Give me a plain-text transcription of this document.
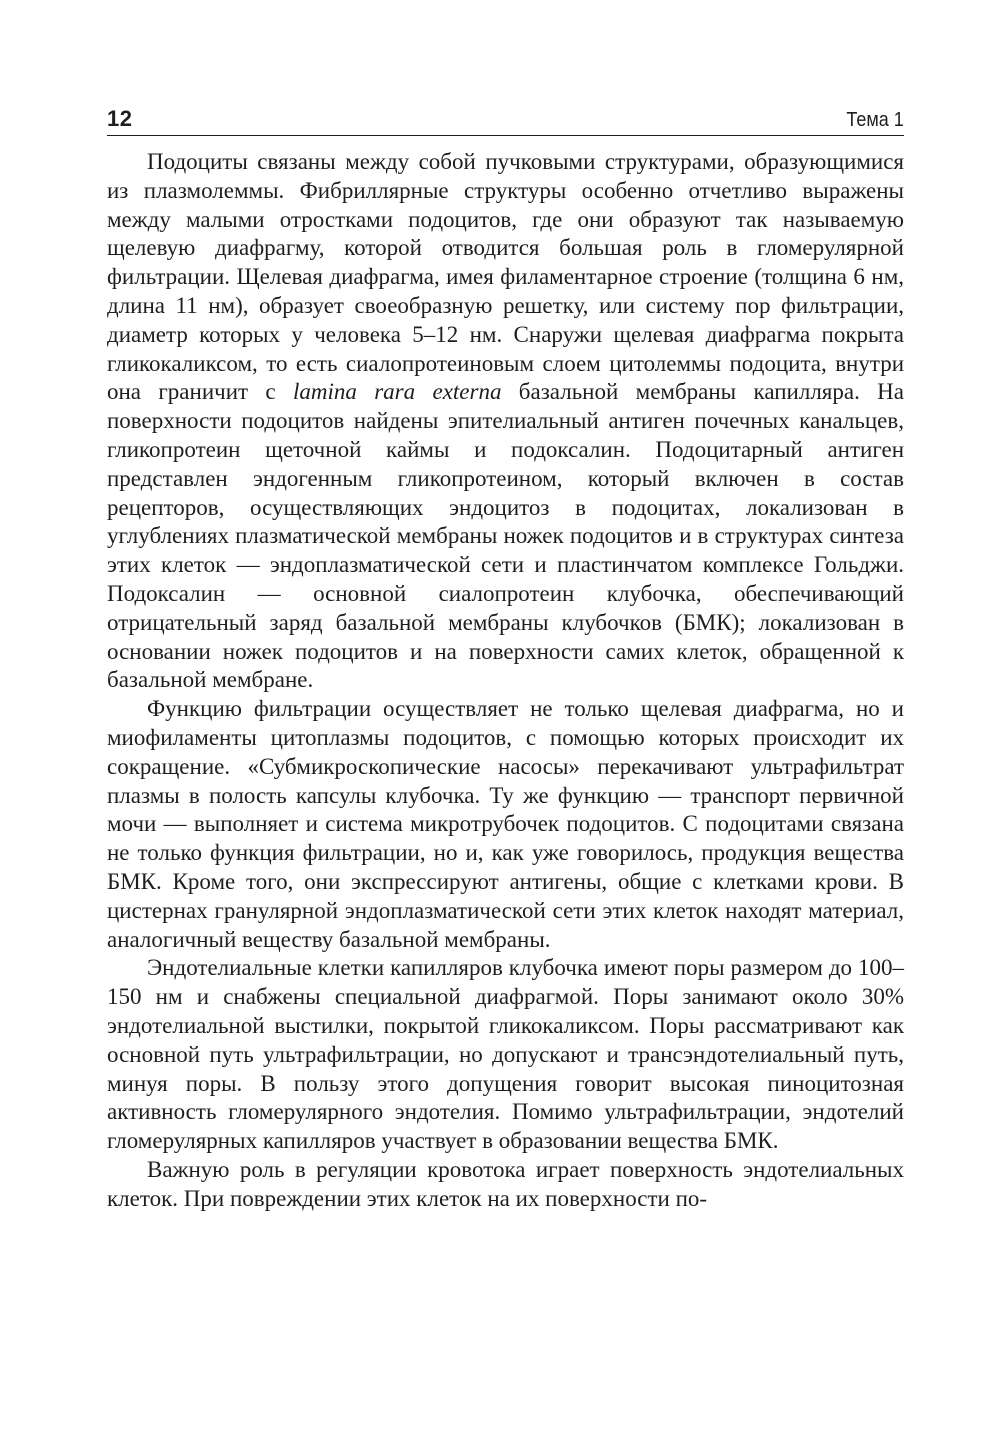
12	Тема 1

Подоциты связаны между собой пучковыми структурами, образующимися из плазмолеммы. Фибриллярные структуры особенно отчетливо выражены между малыми отростками подоцитов, где они образуют так называемую щелевую диафрагму, которой отводится большая роль в гломерулярной фильтрации. Щелевая диафрагма, имея филаментарное строение (толщина 6 нм, длина 11 нм), образует своеобразную решетку, или систему пор фильтрации, диаметр которых у человека 5–12 нм. Снаружи щелевая диафрагма покрыта гликокаликсом, то есть сиалопротеиновым слоем цитолеммы подоцита, внутри она граничит с lamina rara externa базальной мембраны капилляра. На поверхности подоцитов найдены эпителиальный антиген почечных канальцев, гликопротеин щеточной каймы и подоксалин. Подоцитарный антиген представлен эндогенным гликопротеином, который включен в состав рецепторов, осуществляющих эндоцитоз в подоцитах, локализован в углублениях плазматической мембраны ножек подоцитов и в структурах синтеза этих клеток — эндоплазматической сети и пластинчатом комплексе Гольджи. Подоксалин — основной сиалопротеин клубочка, обеспечивающий отрицательный заряд базальной мембраны клубочков (БМК); локализован в основании ножек подоцитов и на поверхности самих клеток, обращенной к базальной мембране.

Функцию фильтрации осуществляет не только щелевая диафрагма, но и миофиламенты цитоплазмы подоцитов, с помощью которых происходит их сокращение. «Субмикроскопические насосы» перекачивают ультрафильтрат плазмы в полость капсулы клубочка. Ту же функцию — транспорт первичной мочи — выполняет и система микротрубочек подоцитов. С подоцитами связана не только функция фильтрации, но и, как уже говорилось, продукция вещества БМК. Кроме того, они экспрессируют антигены, общие с клетками крови. В цистернах гранулярной эндоплазматической сети этих клеток находят материал, аналогичный веществу базальной мембраны.

Эндотелиальные клетки капилляров клубочка имеют поры размером до 100–150 нм и снабжены специальной диафрагмой. Поры занимают около 30% эндотелиальной выстилки, покрытой гликокаликсом. Поры рассматривают как основной путь ультрафильтрации, но допускают и трансэндотелиальный путь, минуя поры. В пользу этого допущения говорит высокая пиноцитозная активность гломерулярного эндотелия. Помимо ультрафильтрации, эндотелий гломерулярных капилляров участвует в образовании вещества БМК.

Важную роль в регуляции кровотока играет поверхность эндотелиальных клеток. При повреждении этих клеток на их поверхности по-
